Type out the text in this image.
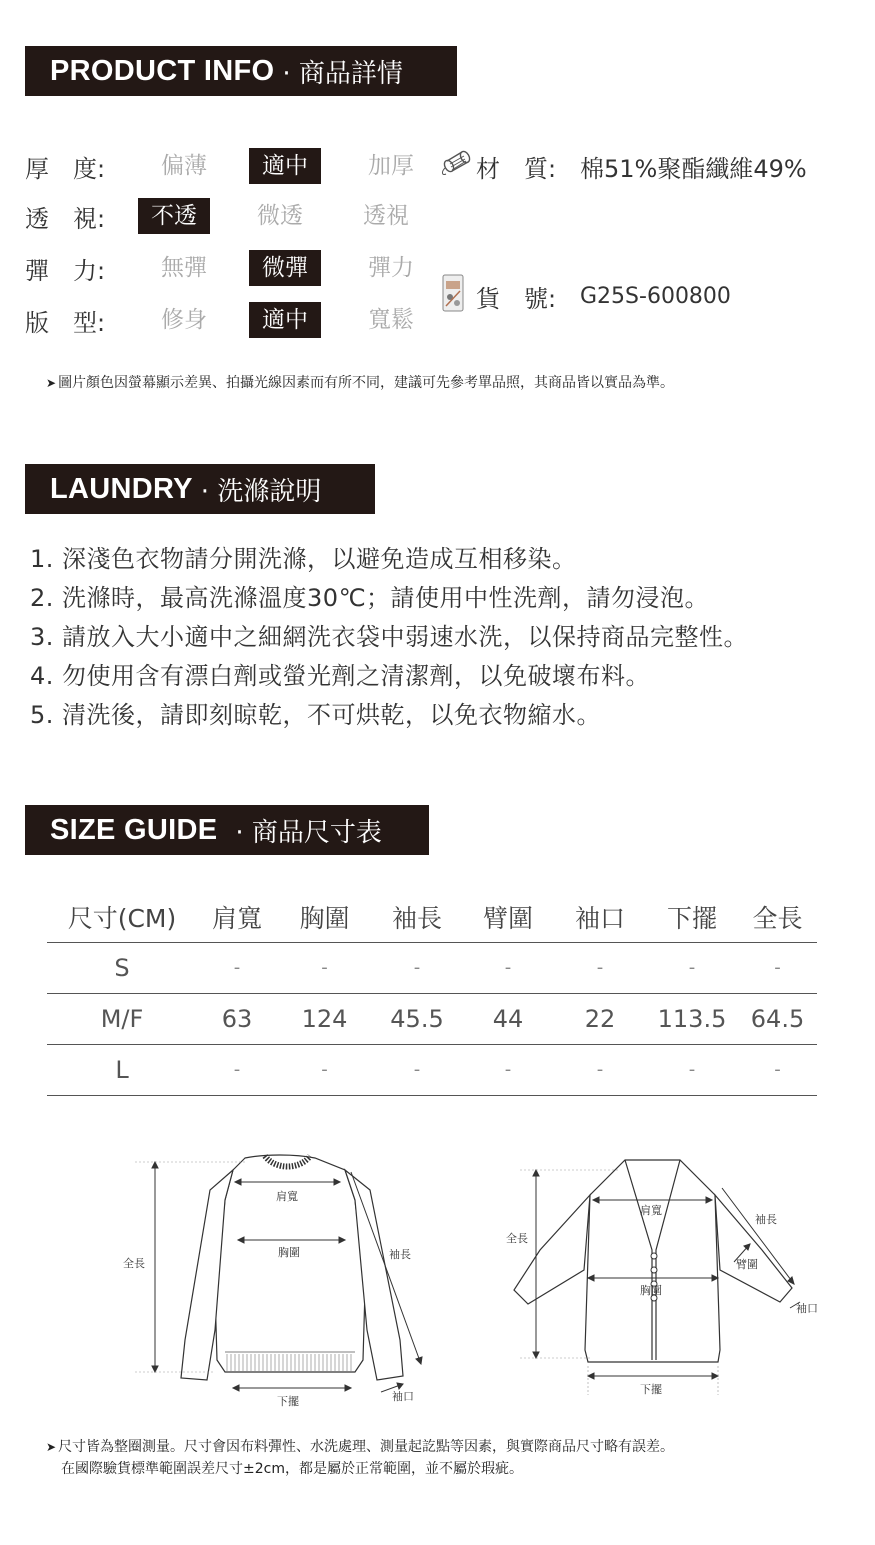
PRODUCT INFO · 商品詳情
厚 度:	偏薄	適中	加厚
透 視:	不透	微透	透視
彈 力:	無彈	微彈	彈力
版 型:	修身	適中	寬鬆
材 質: 棉51%聚酯纖維49%
貨 號:	G25S-600800
➤ 圖片顏色因螢幕顯示差異、拍攝光線因素而有所不同，建議可先參考單品照，其商品皆以實品為準。
LAUNDRY · 洗滌說明
1. 深淺色衣物請分開洗滌，以避免造成互相移染。
2. 洗滌時，最高洗滌溫度30℃；請使用中性洗劑，請勿浸泡。
3. 請放入大小適中之細網洗衣袋中弱速水洗，以保持商品完整性。
4. 勿使用含有漂白劑或螢光劑之清潔劑，以免破壞布料。
5. 清洗後，請即刻晾乾，不可烘乾，以免衣物縮水。
SIZE GUIDE · 商品尺寸表
尺寸(CM)	肩寬	胸圍	袖長	臂圍	袖口	下擺	全長
S	-	-	-	-	-	-	-
M/F	63	124	45.5	44	22	113.5	64.5
L	-	-	-	-	-	-	-
肩寬
胸圍
全長
袖長
下擺	袖口
肩寬
胸圍
全長
袖長
臂圍
袖口
下擺
➤ 尺寸皆為整圈測量。尺寸會因布料彈性、水洗處理、測量起訖點等因素，與實際商品尺寸略有誤差。
在國際驗貨標準範圍誤差尺寸±2cm，都是屬於正常範圍，並不屬於瑕疵。
